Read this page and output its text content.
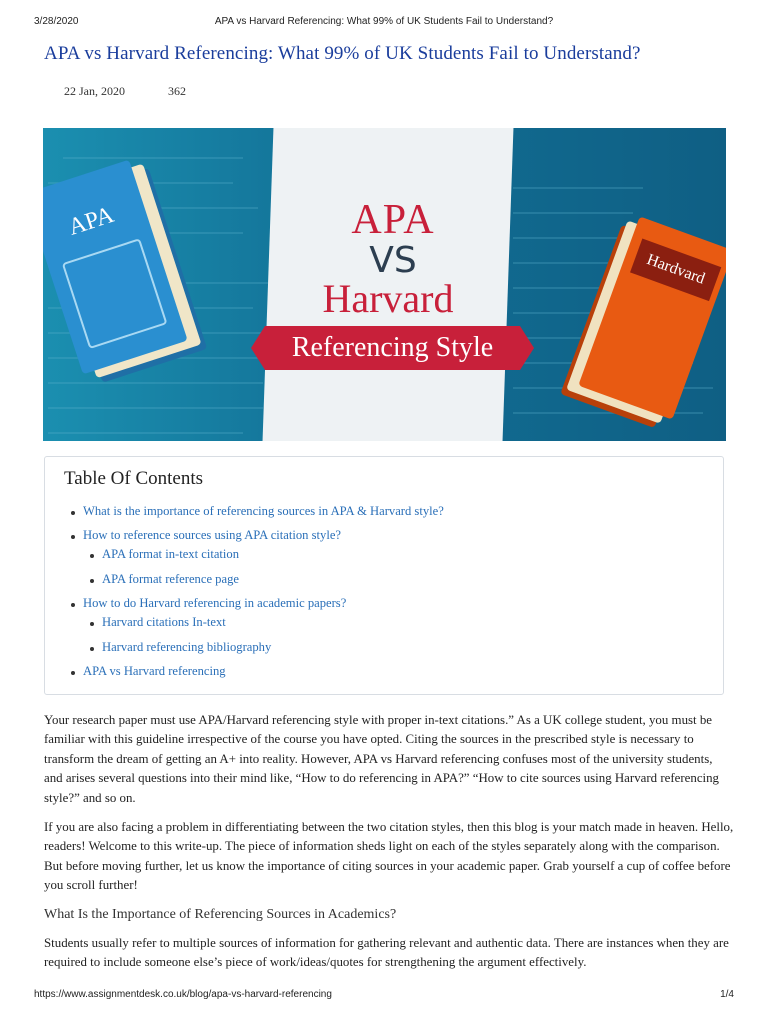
3/28/2020	APA vs Harvard Referencing: What 99% of UK Students Fail to Understand?
APA vs Harvard Referencing: What 99% of UK Students Fail to Understand?
22 Jan, 2020	362
APA
Hardvard
APA
VS
Harvard
Referencing Style
Table Of Contents
What is the importance of referencing sources in APA & Harvard style?
How to reference sources using APA citation style?
APA format in-text citation
APA format reference page
How to do Harvard referencing in academic papers?
Harvard citations In-text
Harvard referencing bibliography
APA vs Harvard referencing

Your research paper must use APA/Harvard referencing style with proper in-text citations.” As a UK college student, you must be familiar with this guideline irrespective of the course you have opted. Citing the sources in the prescribed style is necessary to transform the dream of getting an A+ into reality. However, APA vs Harvard referencing confuses most of the university students, and arises several questions into their mind like, “How to do referencing in APA?” “How to cite sources using Harvard referencing style?” and so on.

If you are also facing a problem in differentiating between the two citation styles, then this blog is your match made in heaven. Hello, readers! Welcome to this write-up. The piece of information sheds light on each of the styles separately along with the comparison. But before moving further, let us know the importance of citing sources in your academic paper. Grab yourself a cup of coffee before you scroll further!

What Is the Importance of Referencing Sources in Academics?

Students usually refer to multiple sources of information for gathering relevant and authentic data. There are instances when they are required to include someone else’s piece of work/ideas/quotes for strengthening the argument effectively.

https://www.assignmentdesk.co.uk/blog/apa-vs-harvard-referencing	1/4
